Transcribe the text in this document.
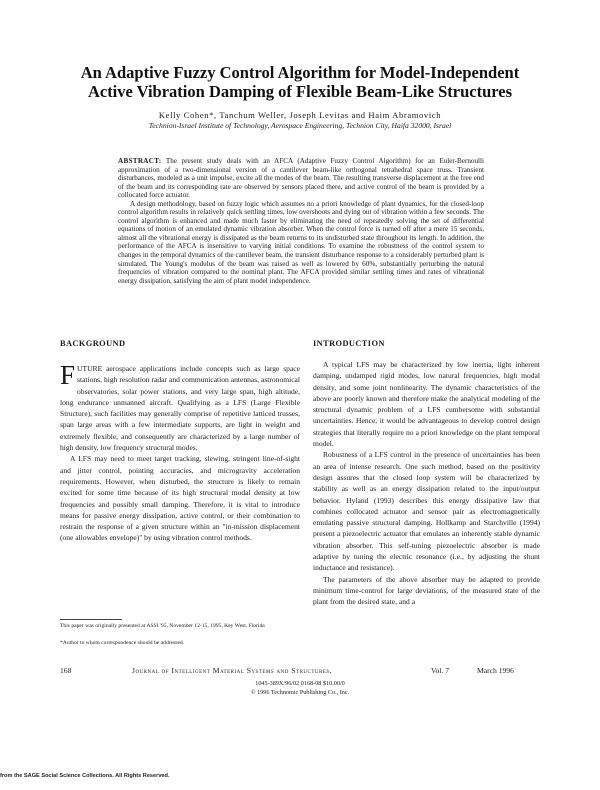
An Adaptive Fuzzy Control Algorithm for Model-Independent
Active Vibration Damping of Flexible Beam-Like Structures
Kelly Cohen*, Tanchum Weller, Joseph Levitas and Haim Abramovich
Technion-Israel Institute of Technology, Aerospace Engineering, Technion City, Haifa 32000, Israel

ABSTRACT: The present study deals with an AFCA (Adaptive Fuzzy Control Algorithm) for an Euler-Bernoulli approximation of a two-dimensional version of a cantilever beam-like orthogonal tetrahedral space truss. Transient disturbances, modeled as a unit impulse, excite all the modes of the beam. The resulting transverse displacement at the free end of the beam and its corresponding rate are observed by sensors placed there, and active control of the beam is provided by a collocated force actuator.

A design methodology, based on fuzzy logic which assumes no a priori knowledge of plant dynamics, for the closed-loop control algorithm results in relatively quick settling times, low overshoots and dying out of vibration within a few seconds. The control algorithm is enhanced and made much faster by eliminating the need of repeatedly solving the set of differential equations of motion of an emulated dynamic vibration absorber. When the control force is turned off after a mere 15 seconds, almost all the vibrational energy is dissipated as the beam returns to its undisturbed state throughout its length. In addition, the performance of the AFCA is insensitive to varying initial conditions. To examine the robustness of the control system to changes in the temporal dynamics of the cantilever beam, the transient disturbance response to a considerably perturbed plant is simulated. The Young's modulus of the beam was raised as well as lowered by 60%, substantially perturbing the natural frequencies of vibration compared to the nominal plant. The AFCA provided similar settling times and rates of vibrational energy dissipation, satisfying the aim of plant model independence.

BACKGROUND

FUTURE aerospace applications include concepts such as large space stations, high resolution radar and communication antennas, astronomical observatories, solar power stations, and very large span, high altitude, long endurance unmanned aircraft. Qualifying as a LFS (Large Flexible Structure), such facilities may generally comprise of repetitive latticed trusses, span large areas with a few intermediate supports, are light in weight and extremely flexible, and consequently are characterized by a large number of high density, low frequency structural modes.

A LFS may need to meet target tracking, slewing, stringent line-of-sight and jitter control, pointing accuracies, and microgravity acceleration requirements. However, when disturbed, the structure is likely to remain excited for some time because of its high structural modal density at low frequencies and possibly small damping. Therefore, it is vital to introduce means for passive energy dissipation, active control, or their combination to restrain the response of a given structure within an "in-mission displacement (one allowables envelope)" by using vibration control methods.

This paper was originally presented at ASSI '95, November 12-15, 1995, Key West, Florida
*Author to whom correspondence should be addressed.
INTRODUCTION

A typical LFS may be characterized by low inertia, light inherent damping, undamped rigid modes, low natural frequencies, high modal density, and some joint nonlinearity. The dynamic characteristics of the above are poorly known and therefore make the analytical modeling of the structural dynamic problem of a LFS cumbersome with substantial uncertainties. Hence, it would be advantageous to develop control design strategies that literally require no a priori knowledge on the plant temporal model.

Robustness of a LFS control in the presence of uncertainties has been an area of intense research. One such method, based on the positivity design assures that the closed loop system will be characterized by stability as well as an energy dissipation related to the input/output behavior. Hyland (1993) describes this energy dissipative law that combines collocated actuator and sensor pair as electromagnetically emulating passive structural damping. Hollkamp and Starchville (1994) present a piezoelectric actuator that emulates an inherently stable dynamic vibration absorber. This self-tuning piezoelectric absorber is made adaptive by tuning the electric resonance (i.e., by adjusting the shunt inductance and resistance).

The parameters of the above absorber may be adapted to provide minimum time-control for large deviations, of the measured state of the plant from the desired state, and a

168	Journal of Intelligent Material Systems and Structures,	Vol. 7	March 1996
1045-389X/96/02 0168-08 $10.00/0
© 1996 Technomic Publishing Co., Inc.
from the SAGE Social Science Collections. All Rights Reserved.
